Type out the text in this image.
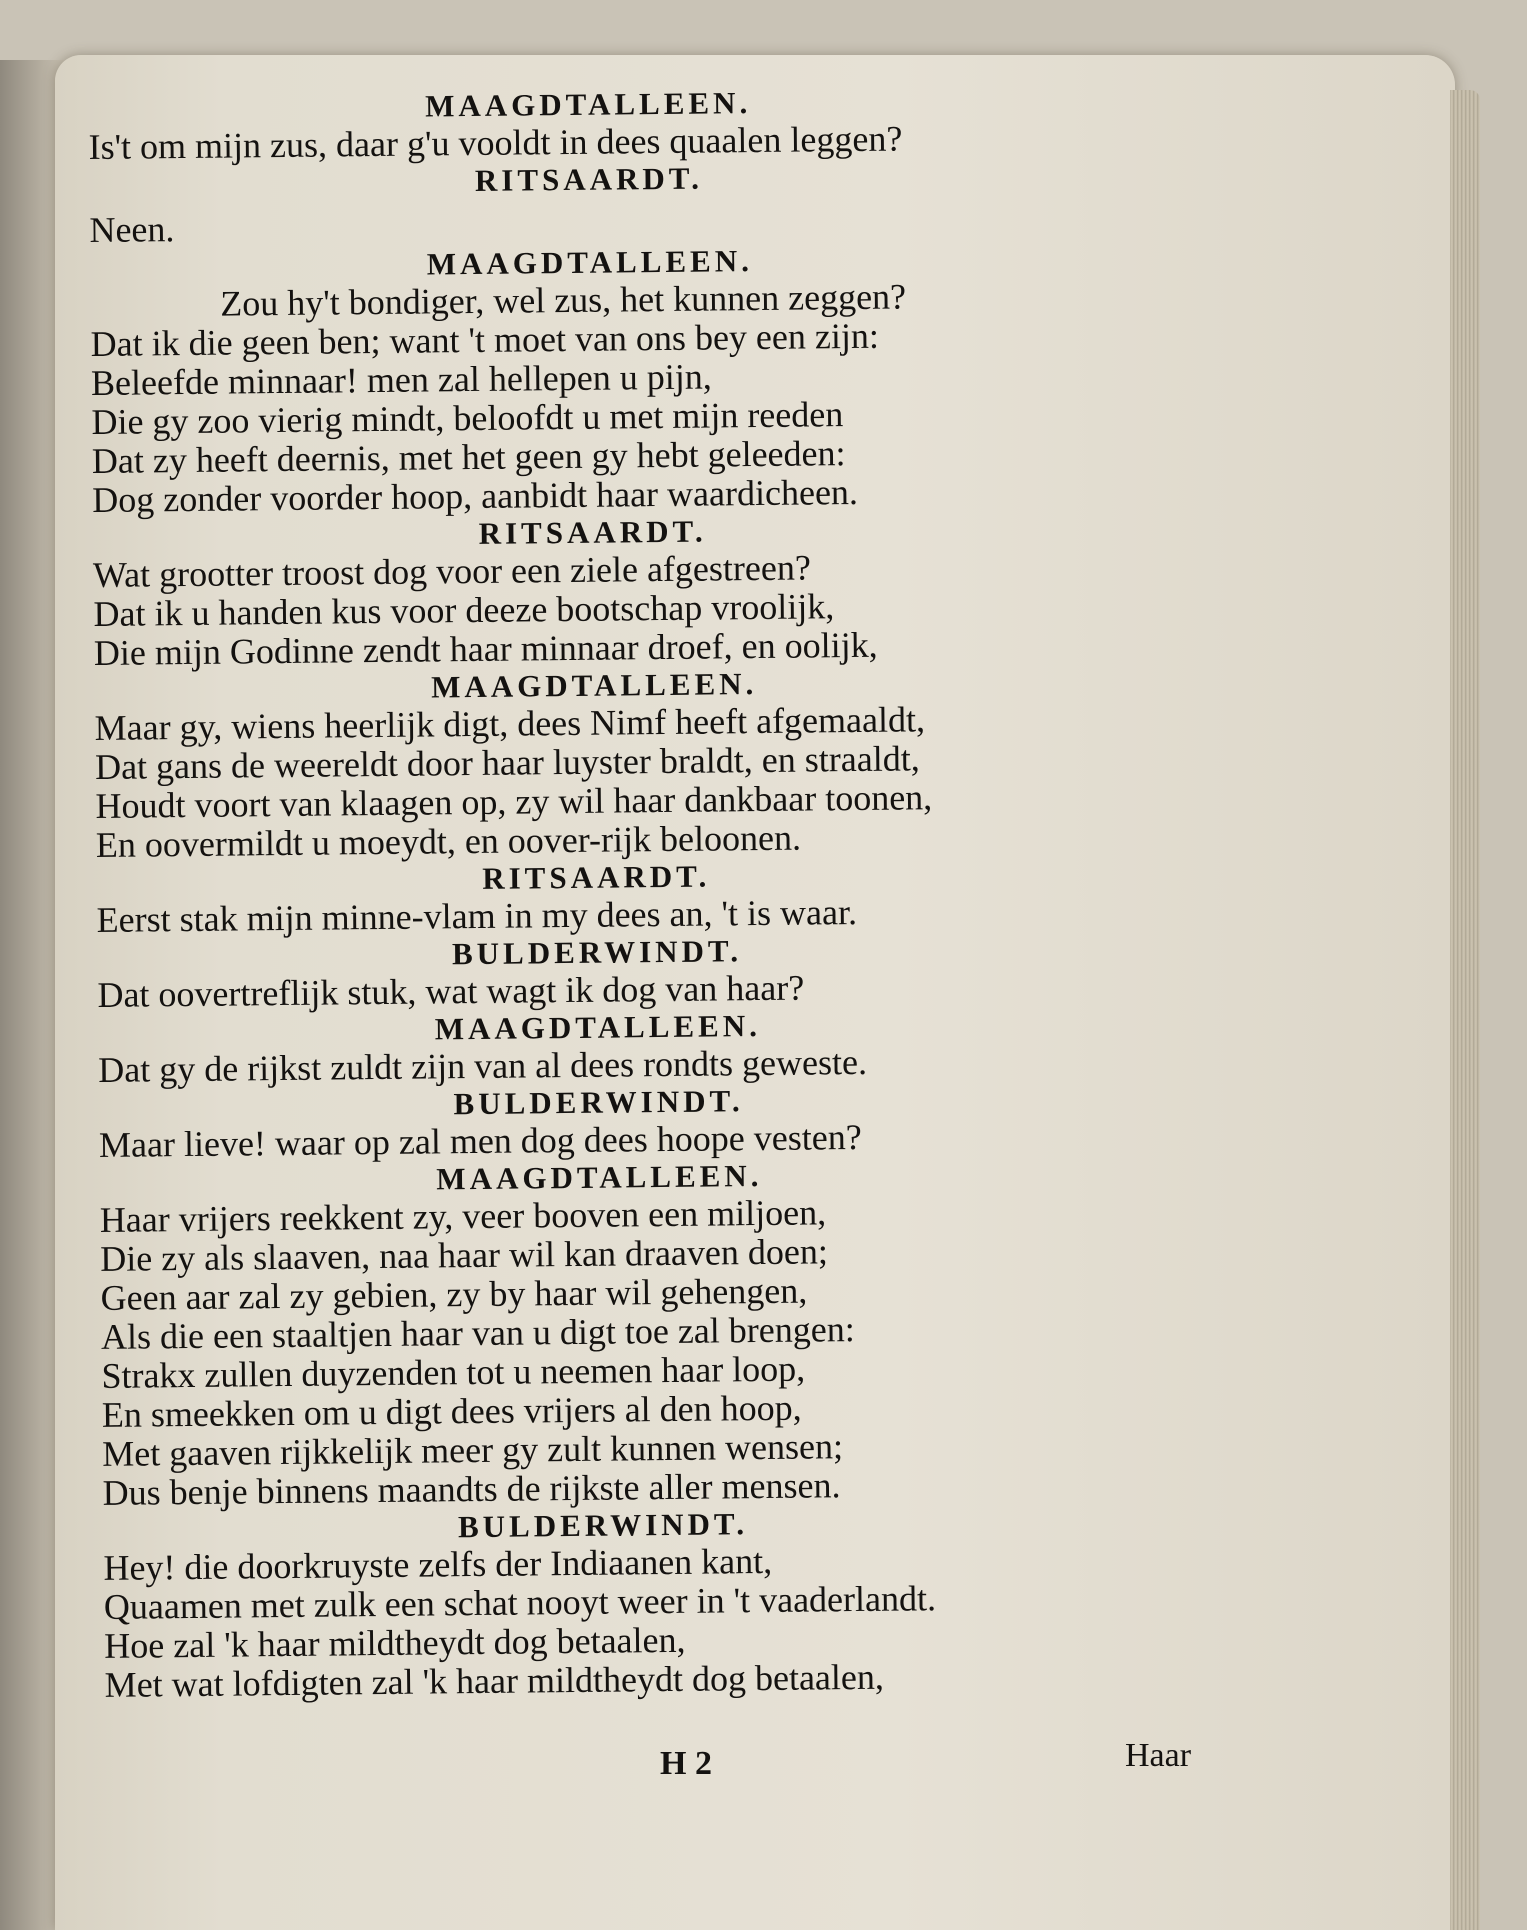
MAAGDTALLEEN.
Is't om mijn zus, daar g'u vooldt in dees quaalen leggen?
RITSAARDT.
Neen.
MAAGDTALLEEN.
Zou hy't bondiger, wel zus, het kunnen zeggen?
Dat ik die geen ben; want 't moet van ons bey een zijn:
Beleefde minnaar! men zal hellepen u pijn,
Die gy zoo vierig mindt, beloofdt u met mijn reeden
Dat zy heeft deernis, met het geen gy hebt geleeden:
Dog zonder voorder hoop, aanbidt haar waardicheen.
RITSAARDT.
Wat grootter troost dog voor een ziele afgestreen?
Dat ik u handen kus voor deeze bootschap vroolijk,
Die mijn Godinne zendt haar minnaar droef, en oolijk,
MAAGDTALLEEN.
Maar gy, wiens heerlijk digt, dees Nimf heeft afgemaaldt,
Dat gans de weereldt door haar luyster braldt, en straaldt,
Houdt voort van klaagen op, zy wil haar dankbaar toonen,
En oovermildt u moeydt, en oover-rijk beloonen.
RITSAARDT.
Eerst stak mijn minne-vlam in my dees an, 't is waar.
BULDERWINDT.
Dat oovertreflijk stuk, wat wagt ik dog van haar?
MAAGDTALLEEN.
Dat gy de rijkst zuldt zijn van al dees rondts geweste.
BULDERWINDT.
Maar lieve! waar op zal men dog dees hoope vesten?
MAAGDTALLEEN.
Haar vrijers reekkent zy, veer booven een miljoen,
Die zy als slaaven, naa haar wil kan draaven doen;
Geen aar zal zy gebien, zy by haar wil gehengen,
Als die een staaltjen haar van u digt toe zal brengen:
Strakx zullen duyzenden tot u neemen haar loop,
En smeekken om u digt dees vrijers al den hoop,
Met gaaven rijkkelijk meer gy zult kunnen wensen;
Dus benje binnens maandts de rijkste aller mensen.
BULDERWINDT.
Hey! die doorkruyste zelfs der Indiaanen kant,
Quaamen met zulk een schat nooyt weer in 't vaaderlandt.
Hoe zal 'k haar mildtheydt dog betaalen,
Met wat lofdigten zal 'k haar mildtheydt dog betaalen,
H 2	Haar
